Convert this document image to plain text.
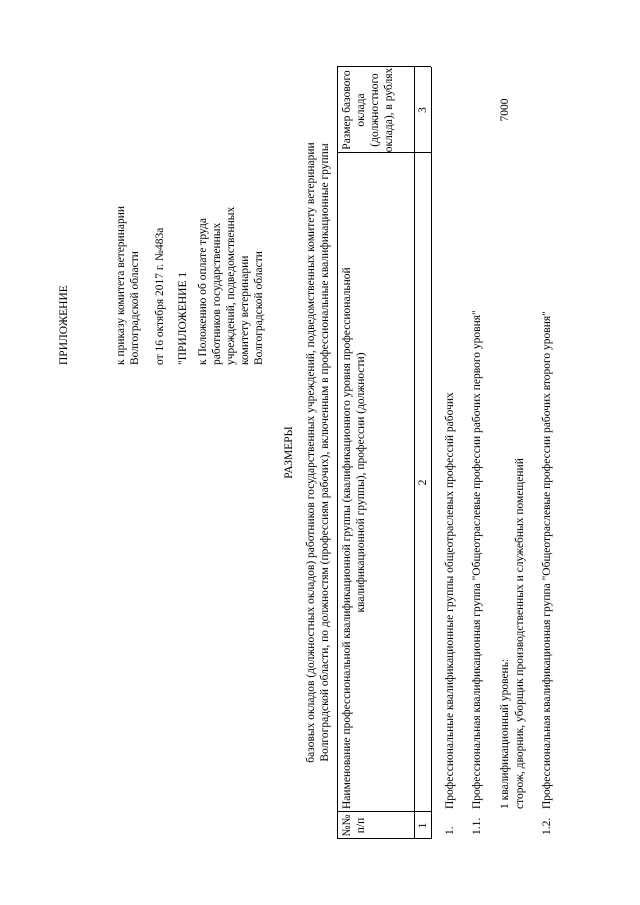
ПРИЛОЖЕНИЕ	к приказу комитета ветеринарии Волгоградской области от 16 октября 2017 г. №483а "ПРИЛОЖЕНИЕ 1 к Положению об оплате труда работников государственных учреждений, подведомственных комитету ветеринарии Волгоградской области
РАЗМЕРЫ базовых окладов (должностных окладов) работников государственных учреждений, подведомственных комитету ветеринарии Волгоградской области, по должностям (профессиям рабочих), включенным в профессиональные квалификационные группы
№№ п/п
Наименование профессиональной квалификационной группы (квалификационного уровня профессиональной квалификационной группы), профессии (должности)
Размер базового оклада (должностного оклада), в рублях
1
2
3
1.
Профессиональные квалификационные группы общеотраслевых профессий рабочих
1.1.
Профессиональная квалификационная группа "Общеотраслевые профессии рабочих первого уровня" 1 квалификационный уровень:
7000
сторож, дворник, уборщик производственных и служебных помещений
1.2.
Профессиональная квалификационная группа "Общеотраслевые профессии рабочих второго уровня"
